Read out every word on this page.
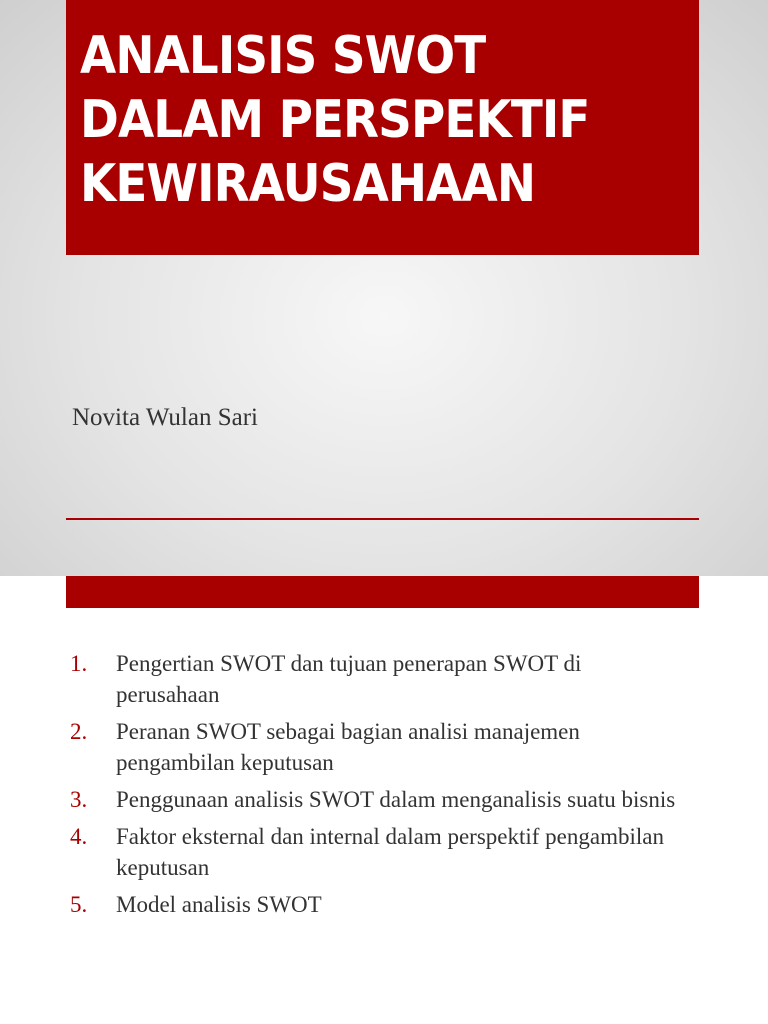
ANALISIS SWOT DALAM PERSPEKTIF KEWIRAUSAHAAN
Novita Wulan Sari
1.	Pengertian SWOT dan tujuan penerapan SWOT di perusahaan
2.	Peranan SWOT sebagai bagian analisi manajemen pengambilan keputusan
3.	Penggunaan analisis SWOT dalam menganalisis suatu bisnis
4.	Faktor eksternal dan internal dalam perspektif pengambilan keputusan
5.	Model analisis SWOT
